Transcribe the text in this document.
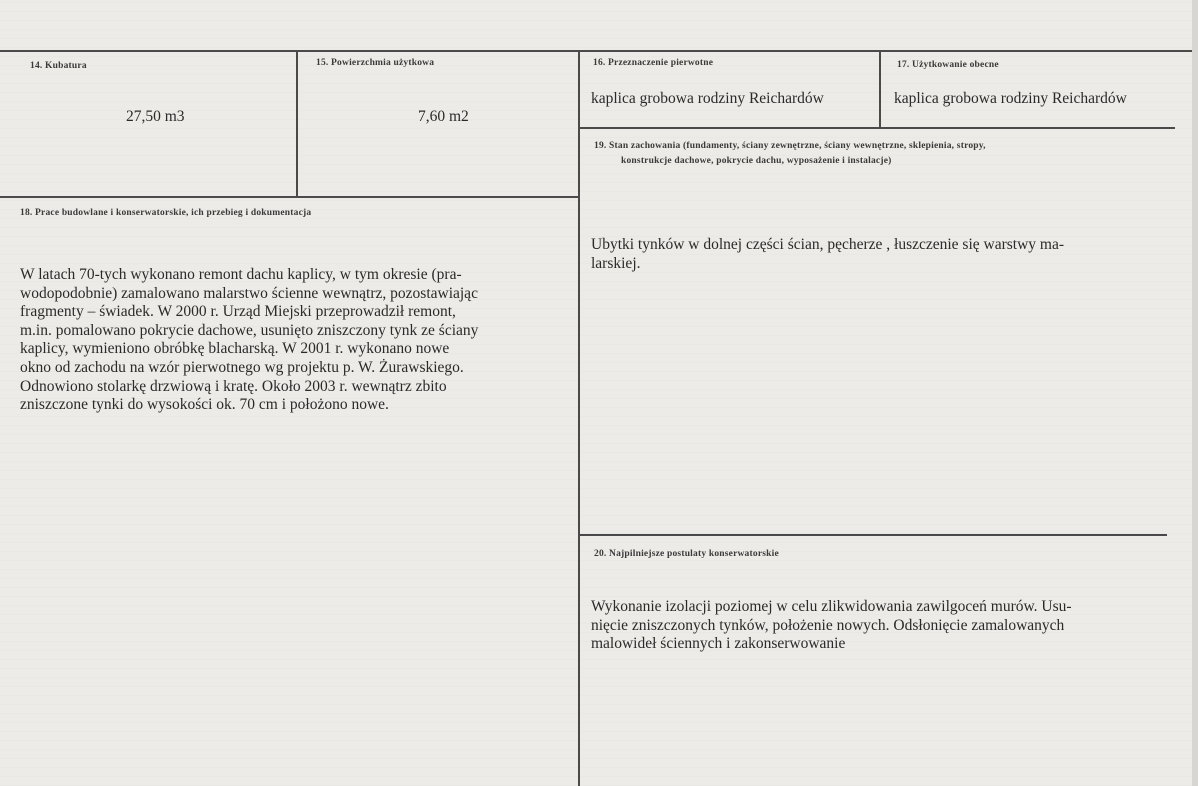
14. Kubatura
27,50 m3
15. Powierzchmia użytkowa
7,60 m2
16. Przeznaczenie pierwotne
kaplica grobowa rodziny Reichardów
17. Użytkowanie obecne
kaplica grobowa rodziny Reichardów
18. Prace budowlane i konserwatorskie, ich przebieg i dokumentacja

W latach 70-tych wykonano remont dachu kaplicy, w tym okresie (pra-
wodopodobnie) zamalowano malarstwo ścienne wewnątrz, pozostawiając
fragmenty – świadek. W 2000 r. Urząd Miejski przeprowadził remont,
m.in. pomalowano pokrycie dachowe, usunięto zniszczony tynk ze ściany
kaplicy, wymieniono obróbkę blacharską. W 2001 r. wykonano nowe
okno od zachodu na wzór pierwotnego wg projektu p. W. Żurawskiego.
Odnowiono stolarkę drzwiową i kratę. Około 2003 r. wewnątrz zbito
zniszczone tynki do wysokości ok. 70 cm i położono nowe.

19. Stan zachowania (fundamenty, ściany zewnętrzne, ściany wewnętrzne, sklepienia, stropy,
konstrukcje dachowe, pokrycie dachu, wyposażenie i instalacje)
Ubytki tynków w dolnej części ścian, pęcherze , łuszczenie się warstwy ma-
larskiej.
20. Najpilniejsze postulaty konserwatorskie
Wykonanie izolacji poziomej w celu zlikwidowania zawilgoceń murów. Usu-
nięcie zniszczonych tynków, położenie nowych. Odsłonięcie zamalowanych
malowideł ściennych i zakonserwowanie
